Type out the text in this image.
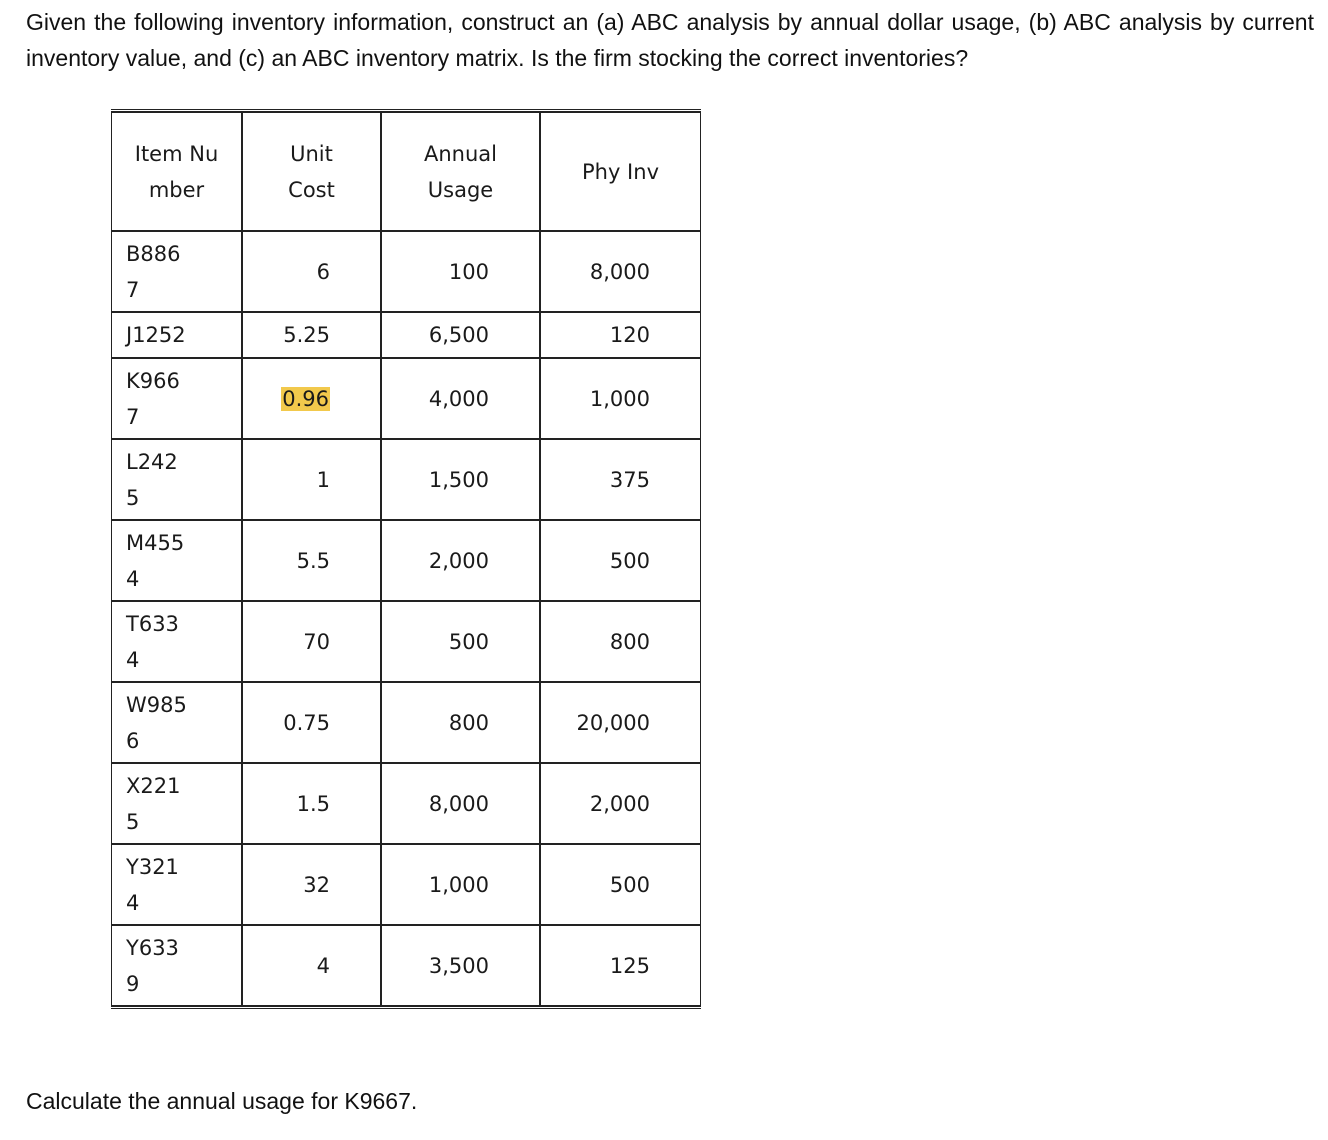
Given the following inventory information, construct an (a) ABC analysis by annual dollar usage, (b) ABC analysis by current inventory value, and (c) an ABC inventory matrix. Is the firm stocking the correct inventories?

Item Number	Unit Cost	Annual Usage	Phy Inv
B8867	6	100	8,000
J1252	5.25	6,500	120
K9667	0.96	4,000	1,000
L2425	1	1,500	375
M4554	5.5	2,000	500
T6334	70	500	800
W9856	0.75	800	20,000
X2215	1.5	8,000	2,000
Y3214	32	1,000	500
Y6339	4	3,500	125

Calculate the annual usage for K9667.
